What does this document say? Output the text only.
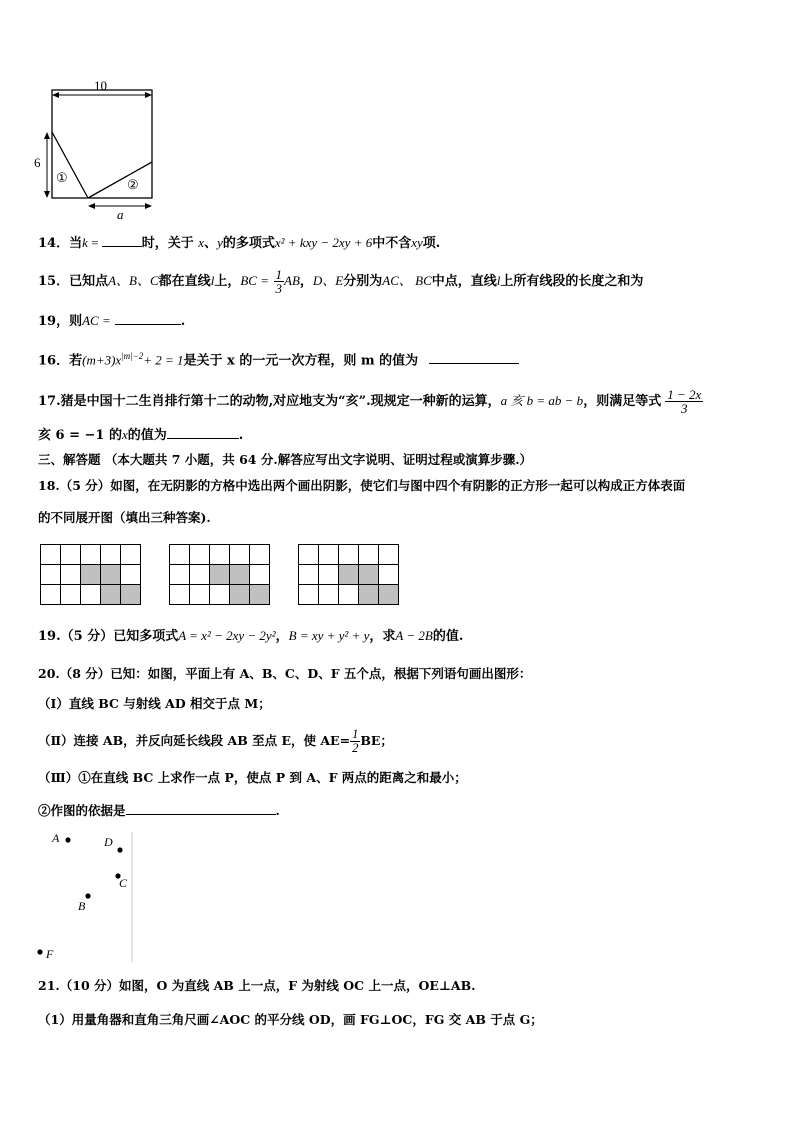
10
6
①	②
a
14．当k =	时，关于 x、y的多项式x² + kxy − 2xy + 6中不含xy项.
15．已知点A、B、C都在直线l上，BC = $\frac{1}{3}$ AB，D、E分别为AC、 BC中点，直线l上所有线段的长度之和为
19，则AC =	.
16．若$(m+3)x^{|m|-2}+ 2 = 1$是关于 x 的一元一次方程，则 m 的值为
17.猪是中国十二生肖排行第十二的动物,对应地支为“亥”.现规定一种新的运算，a 亥 b = ab − b，则满足等式 $\frac{1 - 2x}{3}$
亥 6 = −1 的x的值为	.
三、解答题 （本大题共 7 小题，共 64 分.解答应写出文字说明、证明过程或演算步骤.）
18.（5 分）如图，在无阴影的方格中选出两个画出阴影，使它们与图中四个有阴影的正方形一起可以构成正方体表面
的不同展开图（填出三种答案).

19.（5 分）已知多项式A = x² − 2xy − 2y²，B = xy + y² + y，求A − 2B的值.
20.（8 分）已知：如图，平面上有 A、B、C、D、F 五个点，根据下列语句画出图形：
（Ⅰ）直线 BC 与射线 AD 相交于点 M；
（Ⅱ）连接 AB，并反向延长线段 AB 至点 E，使 $AE= \frac{1}{2}$ BE；
（Ⅲ）①在直线 BC 上求作一点 P，使点 P 到 A、F 两点的距离之和最小；
②作图的依据是	.
A	D
C
B
F
21.（10 分）如图，O 为直线 AB 上一点，F 为射线 OC 上一点，OE⊥AB.
（1）用量角器和直角三角尺画∠AOC 的平分线 OD，画 FG⊥OC，FG 交 AB 于点 G；
